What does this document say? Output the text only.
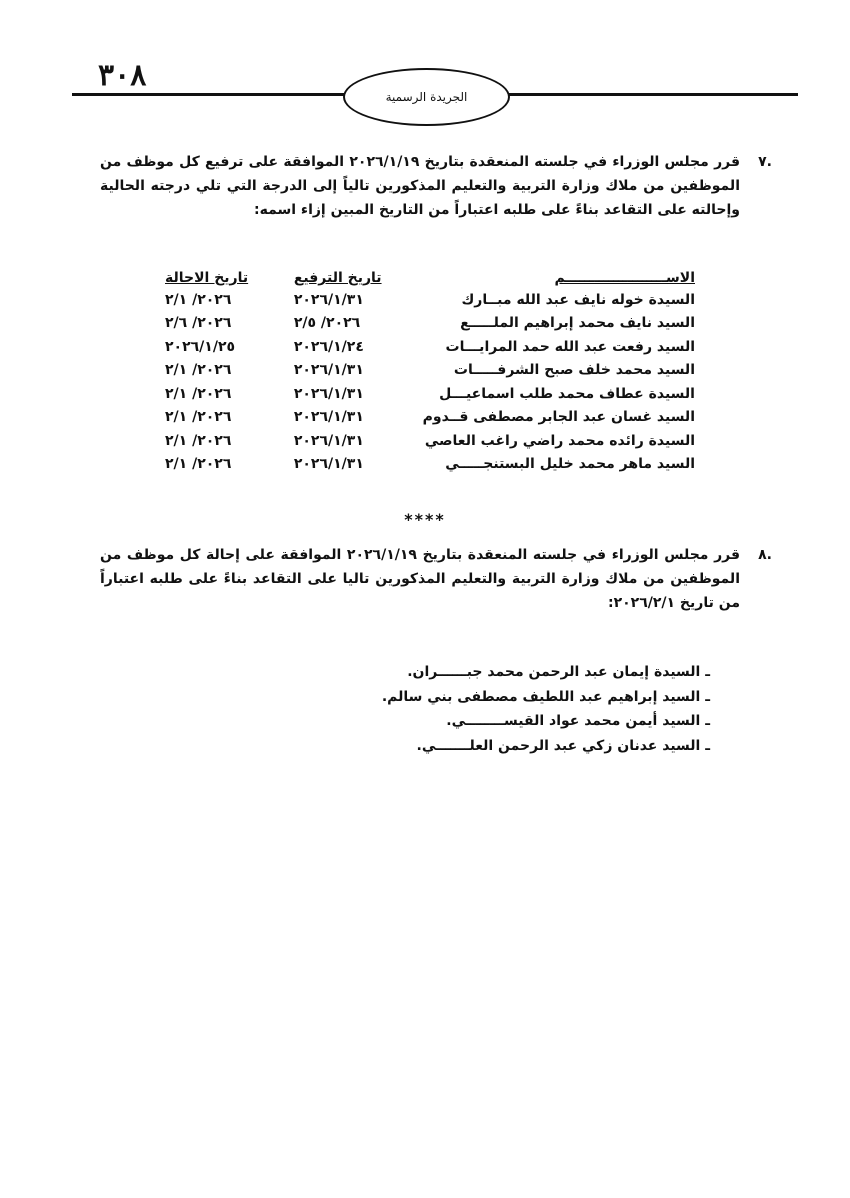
٣٠٨
الجريدة الرسمية
.٧
قرر مجلس الوزراء في جلسته المنعقدة بتاريخ ٢٠٢٦/١/١٩ الموافقة على ترفيع كل موظف من الموظفين من ملاك وزارة التربية والتعليم المذكورين تالياً إلى الدرجة التي تلي درجته الحالية وإحالته على التقاعد بناءً على طلبه اعتباراً من التاريخ المبين إزاء اسمه:
الاســـــــــــــــــــــم	تاريخ الترفيع	تاريخ الاحالة
السيدة خوله نايف عبد الله مبــارك	٢٠٢٦/١/٣١	٢٠٢٦/ ٢/١
السيد نايف محمد إبراهيم الملـــــع	٢٠٢٦/ ٢/٥	٢٠٢٦/ ٢/٦
السيد رفعت عبد الله حمد المرايـــات	٢٠٢٦/١/٢٤	٢٠٢٦/١/٢٥
السيد محمد خلف صبح الشرفـــــات	٢٠٢٦/١/٣١	٢٠٢٦/ ٢/١
السيدة عطاف محمد طلب اسماعيـــل	٢٠٢٦/١/٣١	٢٠٢٦/ ٢/١
السيد غسان عبد الجابر مصطفى قــدوم	٢٠٢٦/١/٣١	٢٠٢٦/ ٢/١
السيدة رائده محمد راضي راغب العاصي	٢٠٢٦/١/٣١	٢٠٢٦/ ٢/١
السيد ماهر محمد خليل البستنجـــــي	٢٠٢٦/١/٣١	٢٠٢٦/ ٢/١
****
.٨
قرر مجلس الوزراء في جلسته المنعقدة بتاريخ ٢٠٢٦/١/١٩ الموافقة على إحالة كل موظف من الموظفين من ملاك وزارة التربية والتعليم المذكورين تاليا على التقاعد بناءً على طلبه اعتباراً من تاريخ ٢٠٢٦/٢/١:
ـ السيدة إيمان عبد الرحمن محمد جبــــــران.
ـ السيد إبراهيم عبد اللطيف مصطفى بني سالم.
ـ السيد أيمن محمد عواد القيســــــــي.
ـ السيد عدنان زكي عبد الرحمن العلـــــــي.
